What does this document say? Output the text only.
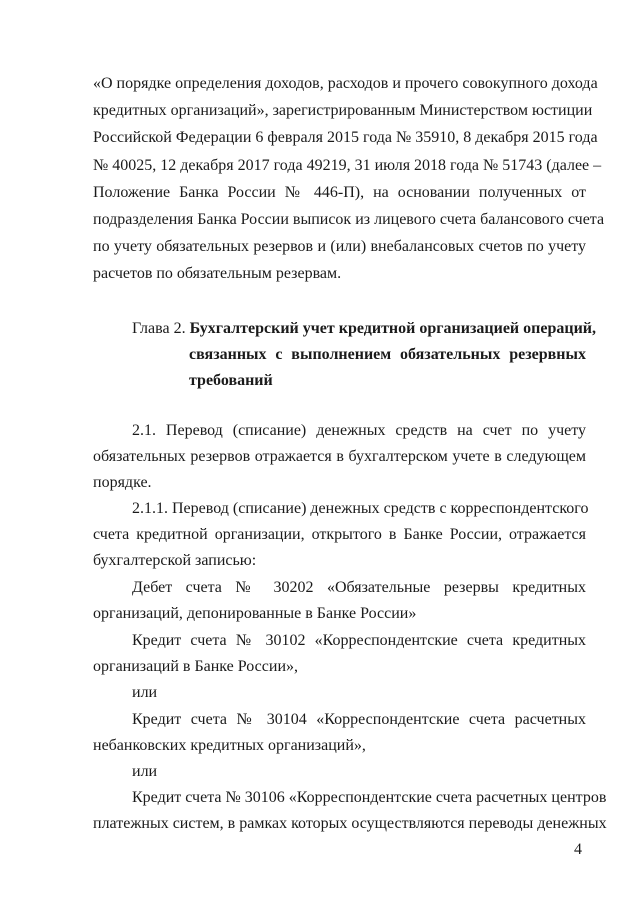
«О порядке определения доходов, расходов и прочего совокупного дохода
кредитных организаций», зарегистрированным Министерством юстиции
Российской Федерации 6 февраля 2015 года № 35910, 8 декабря 2015 года
№ 40025, 12 декабря 2017 года 49219, 31 июля 2018 года № 51743 (далее –
Положение Банка России № 446-П), на основании полученных от
подразделения Банка России выписок из лицевого счета балансового счета
по учету обязательных резервов и (или) внебалансовых счетов по учету
расчетов по обязательным резервам.
Глава 2. Бухгалтерский учет кредитной организацией операций,
связанных с выполнением обязательных резервных
требований
2.1. Перевод (списание) денежных средств на счет по учету
обязательных резервов отражается в бухгалтерском учете в следующем
порядке.
2.1.1. Перевод (списание) денежных средств с корреспондентского
счета кредитной организации, открытого в Банке России, отражается
бухгалтерской записью:
Дебет счета № 30202 «Обязательные резервы кредитных
организаций, депонированные в Банке России»
Кредит счета № 30102 «Корреспондентские счета кредитных
организаций в Банке России»,
или
Кредит счета № 30104 «Корреспондентские счета расчетных
небанковских кредитных организаций»,
или
Кредит счета № 30106 «Корреспондентские счета расчетных центров
платежных систем, в рамках которых осуществляются переводы денежных
4
